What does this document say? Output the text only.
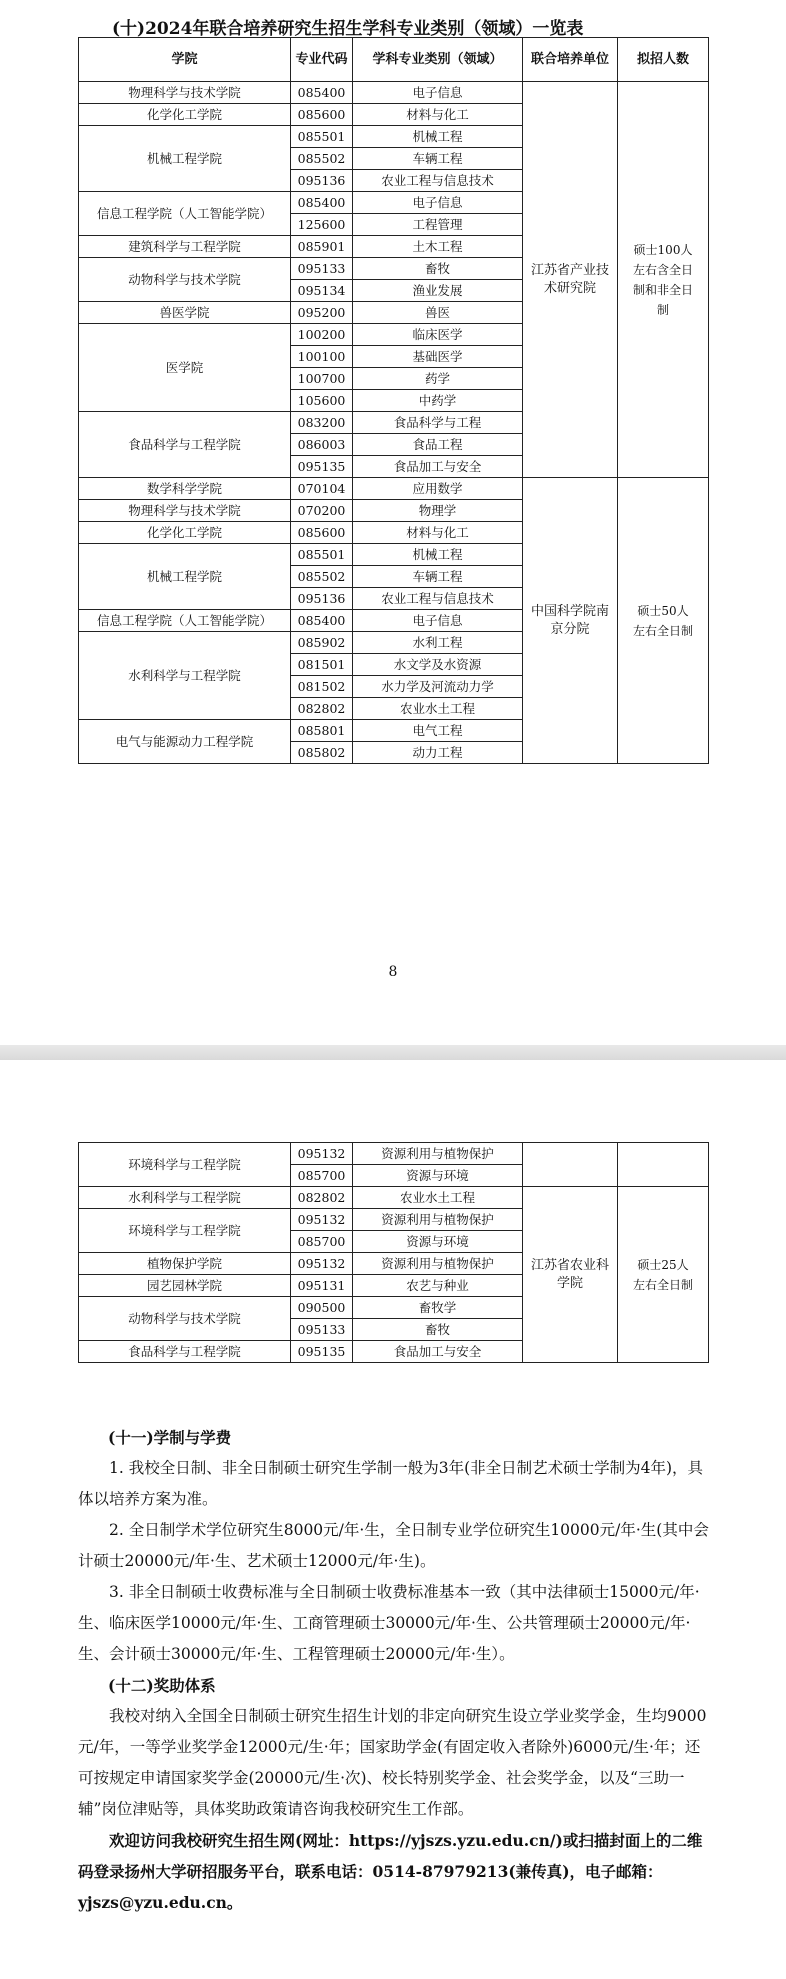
(十)2024年联合培养研究生招生学科专业类别（领域）一览表
学院	专业代码	学科专业类别（领域）	联合培养单位	拟招人数
物理科学与技术学院	085400	电子信息	江苏省产业技术研究院	硕士100人左右含全日制和非全日制
化学化工学院	085600	材料与化工		
机械工程学院	085501	机械工程		
	085502	车辆工程		
	095136	农业工程与信息技术		
信息工程学院（人工智能学院）	085400	电子信息		
	125600	工程管理		
建筑科学与工程学院	085901	土木工程		
动物科学与技术学院	095133	畜牧		
	095134	渔业发展		
兽医学院	095200	兽医		
医学院	100200	临床医学		
	100100	基础医学		
	100700	药学		
	105600	中药学		
食品科学与工程学院	083200	食品科学与工程		
	086003	食品工程		
	095135	食品加工与安全		
数学科学学院	070104	应用数学	中国科学院南京分院	硕士50人左右全日制
物理科学与技术学院	070200	物理学		
化学化工学院	085600	材料与化工		
机械工程学院	085501	机械工程		
	085502	车辆工程		
	095136	农业工程与信息技术		
信息工程学院（人工智能学院）	085400	电子信息		
水利科学与工程学院	085902	水利工程		
	081501	水文学及水资源		
	081502	水力学及河流动力学		
	082802	农业水土工程		
电气与能源动力工程学院	085801	电气工程		
	085802	动力工程		
8
环境科学与工程学院	095132	资源利用与植物保护		
	085700	资源与环境		
水利科学与工程学院	082802	农业水土工程	江苏省农业科学院	硕士25人左右全日制
环境科学与工程学院	095132	资源利用与植物保护		
	085700	资源与环境		
植物保护学院	095132	资源利用与植物保护		
园艺园林学院	095131	农艺与种业		
动物科学与技术学院	090500	畜牧学		
	095133	畜牧		
食品科学与工程学院	095135	食品加工与安全		
(十一)学制与学费
1. 我校全日制、非全日制硕士研究生学制一般为3年(非全日制艺术硕士学制为4年)，具体以培养方案为准。
2. 全日制学术学位研究生8000元/年·生，全日制专业学位研究生10000元/年·生(其中会计硕士20000元/年·生、艺术硕士12000元/年·生)。
3. 非全日制硕士收费标准与全日制硕士收费标准基本一致（其中法律硕士15000元/年·生、临床医学10000元/年·生、工商管理硕士30000元/年·生、公共管理硕士20000元/年·生、会计硕士30000元/年·生、工程管理硕士20000元/年·生）。
(十二)奖助体系
我校对纳入全国全日制硕士研究生招生计划的非定向研究生设立学业奖学金，生均9000元/年，一等学业奖学金12000元/生·年；国家助学金(有固定收入者除外)6000元/生·年；还可按规定申请国家奖学金(20000元/生·次)、校长特别奖学金、社会奖学金，以及“三助一辅”岗位津贴等，具体奖助政策请咨询我校研究生工作部。
欢迎访问我校研究生招生网(网址：https://yjszs.yzu.edu.cn/)或扫描封面上的二维码登录扬州大学研招服务平台，联系电话：0514-87979213(兼传真)，电子邮箱：yjszs@yzu.edu.cn。
